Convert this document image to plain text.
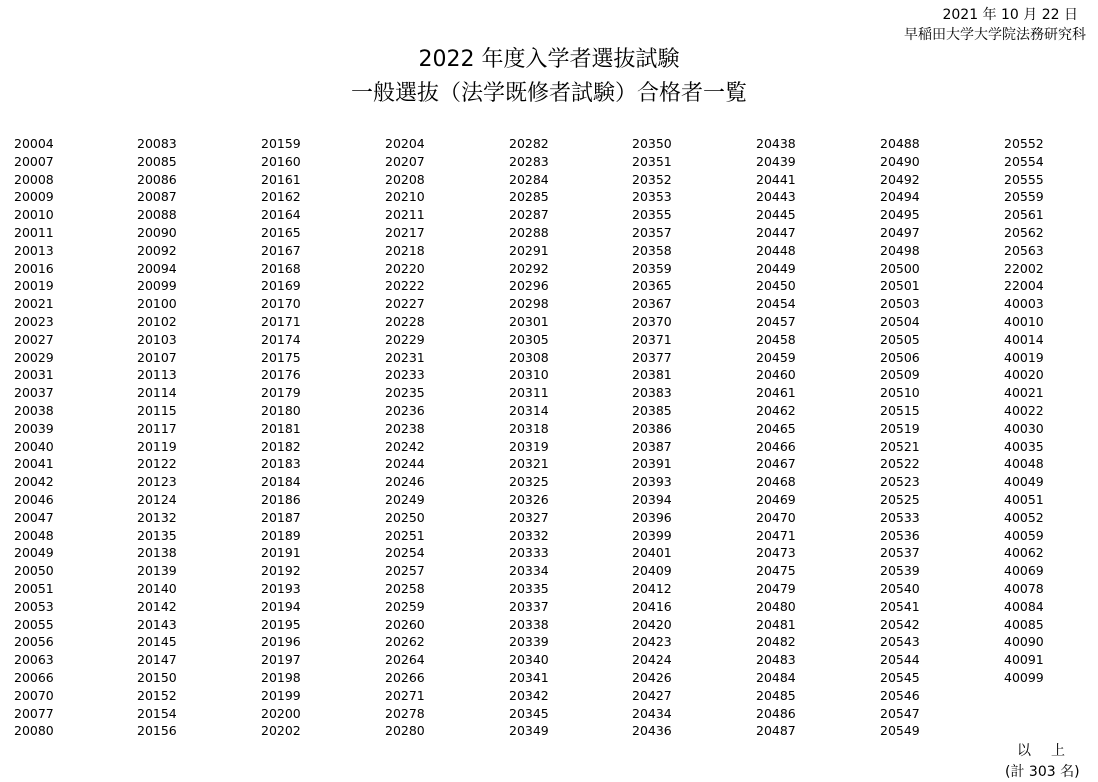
2021 年 10 月 22 日
早稲田大学大学院法務研究科
2022 年度入学者選抜試験
一般選抜（法学既修者試験）合格者一覧
20004
20007
20008
20009
20010
20011
20013
20016
20019
20021
20023
20027
20029
20031
20037
20038
20039
20040
20041
20042
20046
20047
20048
20049
20050
20051
20053
20055
20056
20063
20066
20070
20077
20080
20083
20085
20086
20087
20088
20090
20092
20094
20099
20100
20102
20103
20107
20113
20114
20115
20117
20119
20122
20123
20124
20132
20135
20138
20139
20140
20142
20143
20145
20147
20150
20152
20154
20156
20159
20160
20161
20162
20164
20165
20167
20168
20169
20170
20171
20174
20175
20176
20179
20180
20181
20182
20183
20184
20186
20187
20189
20191
20192
20193
20194
20195
20196
20197
20198
20199
20200
20202
20204
20207
20208
20210
20211
20217
20218
20220
20222
20227
20228
20229
20231
20233
20235
20236
20238
20242
20244
20246
20249
20250
20251
20254
20257
20258
20259
20260
20262
20264
20266
20271
20278
20280
20282
20283
20284
20285
20287
20288
20291
20292
20296
20298
20301
20305
20308
20310
20311
20314
20318
20319
20321
20325
20326
20327
20332
20333
20334
20335
20337
20338
20339
20340
20341
20342
20345
20349
20350
20351
20352
20353
20355
20357
20358
20359
20365
20367
20370
20371
20377
20381
20383
20385
20386
20387
20391
20393
20394
20396
20399
20401
20409
20412
20416
20420
20423
20424
20426
20427
20434
20436
20438
20439
20441
20443
20445
20447
20448
20449
20450
20454
20457
20458
20459
20460
20461
20462
20465
20466
20467
20468
20469
20470
20471
20473
20475
20479
20480
20481
20482
20483
20484
20485
20486
20487
20488
20490
20492
20494
20495
20497
20498
20500
20501
20503
20504
20505
20506
20509
20510
20515
20519
20521
20522
20523
20525
20533
20536
20537
20539
20540
20541
20542
20543
20544
20545
20546
20547
20549
20552
20554
20555
20559
20561
20562
20563
22002
22004
40003
40010
40014
40019
40020
40021
40022
40030
40035
40048
40049
40051
40052
40059
40062
40069
40078
40084
40085
40090
40091
40099
以　上
(計 303 名)
